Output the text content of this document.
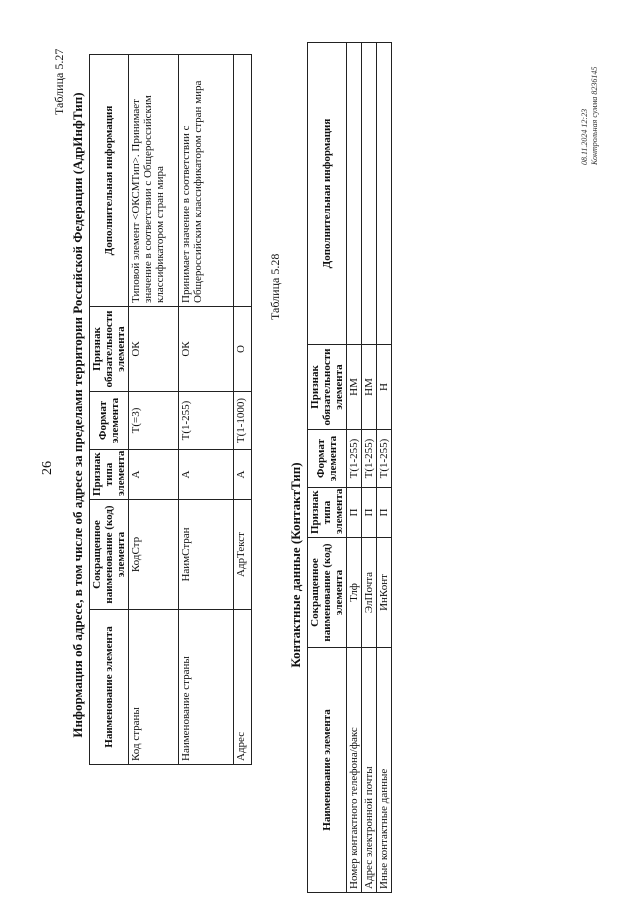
26
Таблица 5.27
Информация об адресе, в том числе об адресе за пределами территории Российской Федерации (АдрИнфТип) Наименование элемента	Сокращенное наименование (код) элемента	Признак типа элемента	Формат элемента	Признак обязательности элемента	Дополнительная информация
Код страны	КодСтр	А	T(=3)	ОК	Типовой элемент <ОКСМТип>. Принимает значение в соответствии с Общероссийским классификатором стран мира
Наименование страны	НаимСтран	А	T(1-255)	ОК	Принимает значение в соответствии с Общероссийским классификатором стран мира
Адрес	АдрТекст	А	T(1-1000)	О	
Таблица 5.28
Контактные данные (КонтактТип)
Наименование элемента	Сокращенное наименование (код) элемента	Признак типа элемента	Формат элемента	Признак обязательности элемента	Дополнительная информация
Номер контактного телефона/факс	Тлф	П	T(1-255)	НМ	
Адрес электронной почты	ЭлПочта	П	T(1-255)	НМ	
Иные контактные данные	ИнКонт	П	T(1-255)	Н	
08.11.2024 12:23 Контрольная сумма 8236145
